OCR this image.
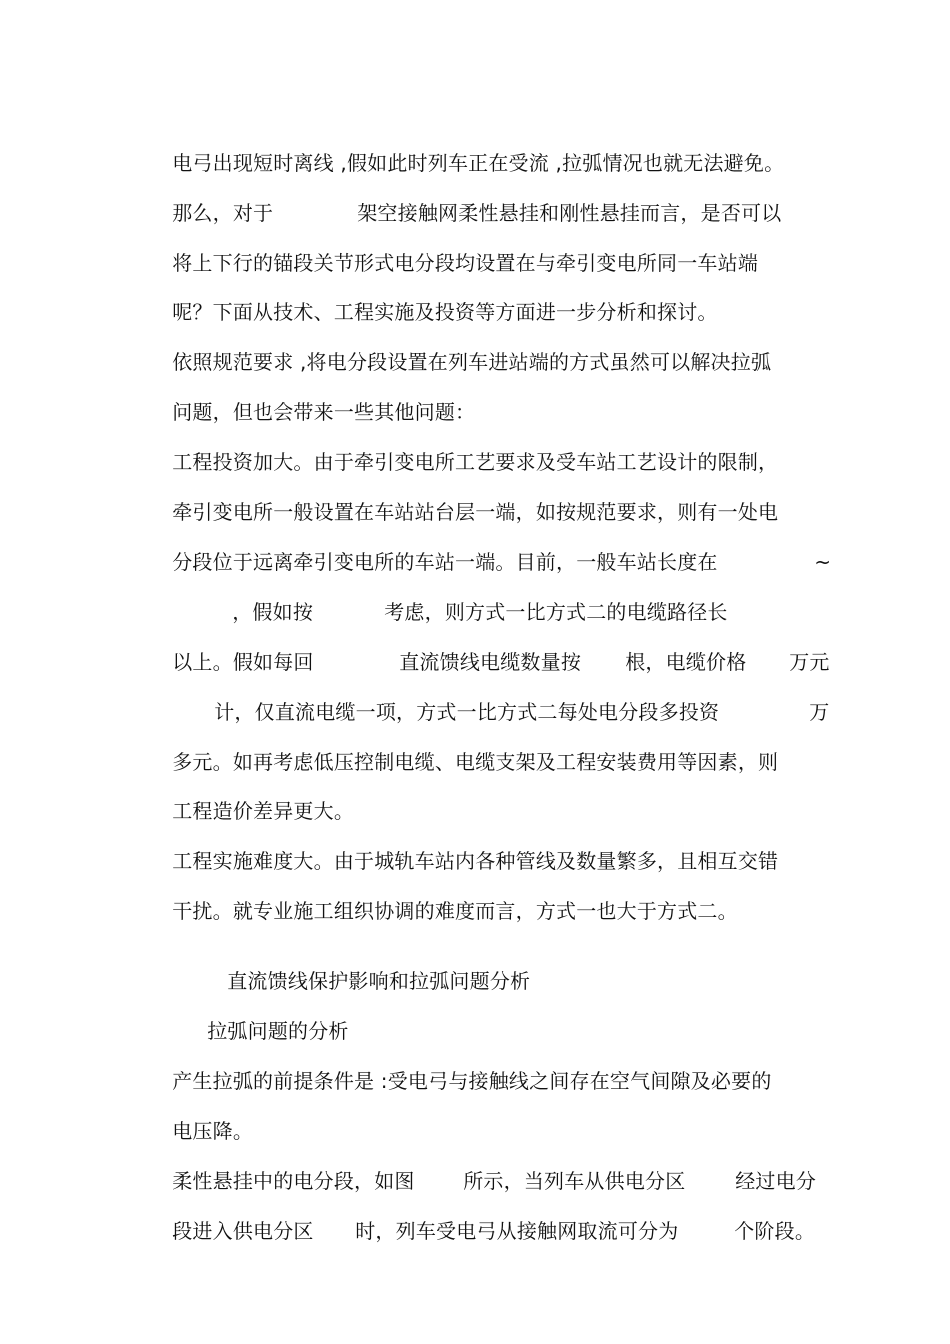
电弓出现短时离线 ,假如此时列车正在受流 ,拉弧情况也就无法避免。

那么，对于
	架空接触网柔性悬挂和刚性悬挂而言，是否可以

将上下行的锚段关节形式电分段均设置在与牵引变电所同一车站端

呢？下面从技术、工程实施及投资等方面进一步分析和探讨。

依照规范要求 ,将电分段设置在列车进站端的方式虽然可以解决拉弧

问题，但也会带来一些其他问题：

工程投资加大。由于牵引变电所工艺要求及受车站工艺设计的限制，

牵引变电所一般设置在车站站台层一端，如按规范要求，则有一处电

分段位于远离牵引变电所的车站一端。目前，一般车站长度在
	~

，假如按
	考虑，则方式一比方式二的电缆路径长

以上。假如每回
	直流馈线电缆数量按
	根，电缆价格
	万元

计，仅直流电缆一项，方式一比方式二每处电分段多投资
	万

多元。如再考虑低压控制电缆、电缆支架及工程安装费用等因素，则

工程造价差异更大。

工程实施难度大。由于城轨车站内各种管线及数量繁多，且相互交错

干扰。就专业施工组织协调的难度而言，方式一也大于方式二。

直流馈线保护影响和拉弧问题分析

拉弧问题的分析

产生拉弧的前提条件是 :受电弓与接触线之间存在空气间隙及必要的

电压降。

柔性悬挂中的电分段，如图
	所示，当列车从供电分区
	经过电分

段进入供电分区
	时，列车受电弓从接触网取流可分为
	个阶段。
